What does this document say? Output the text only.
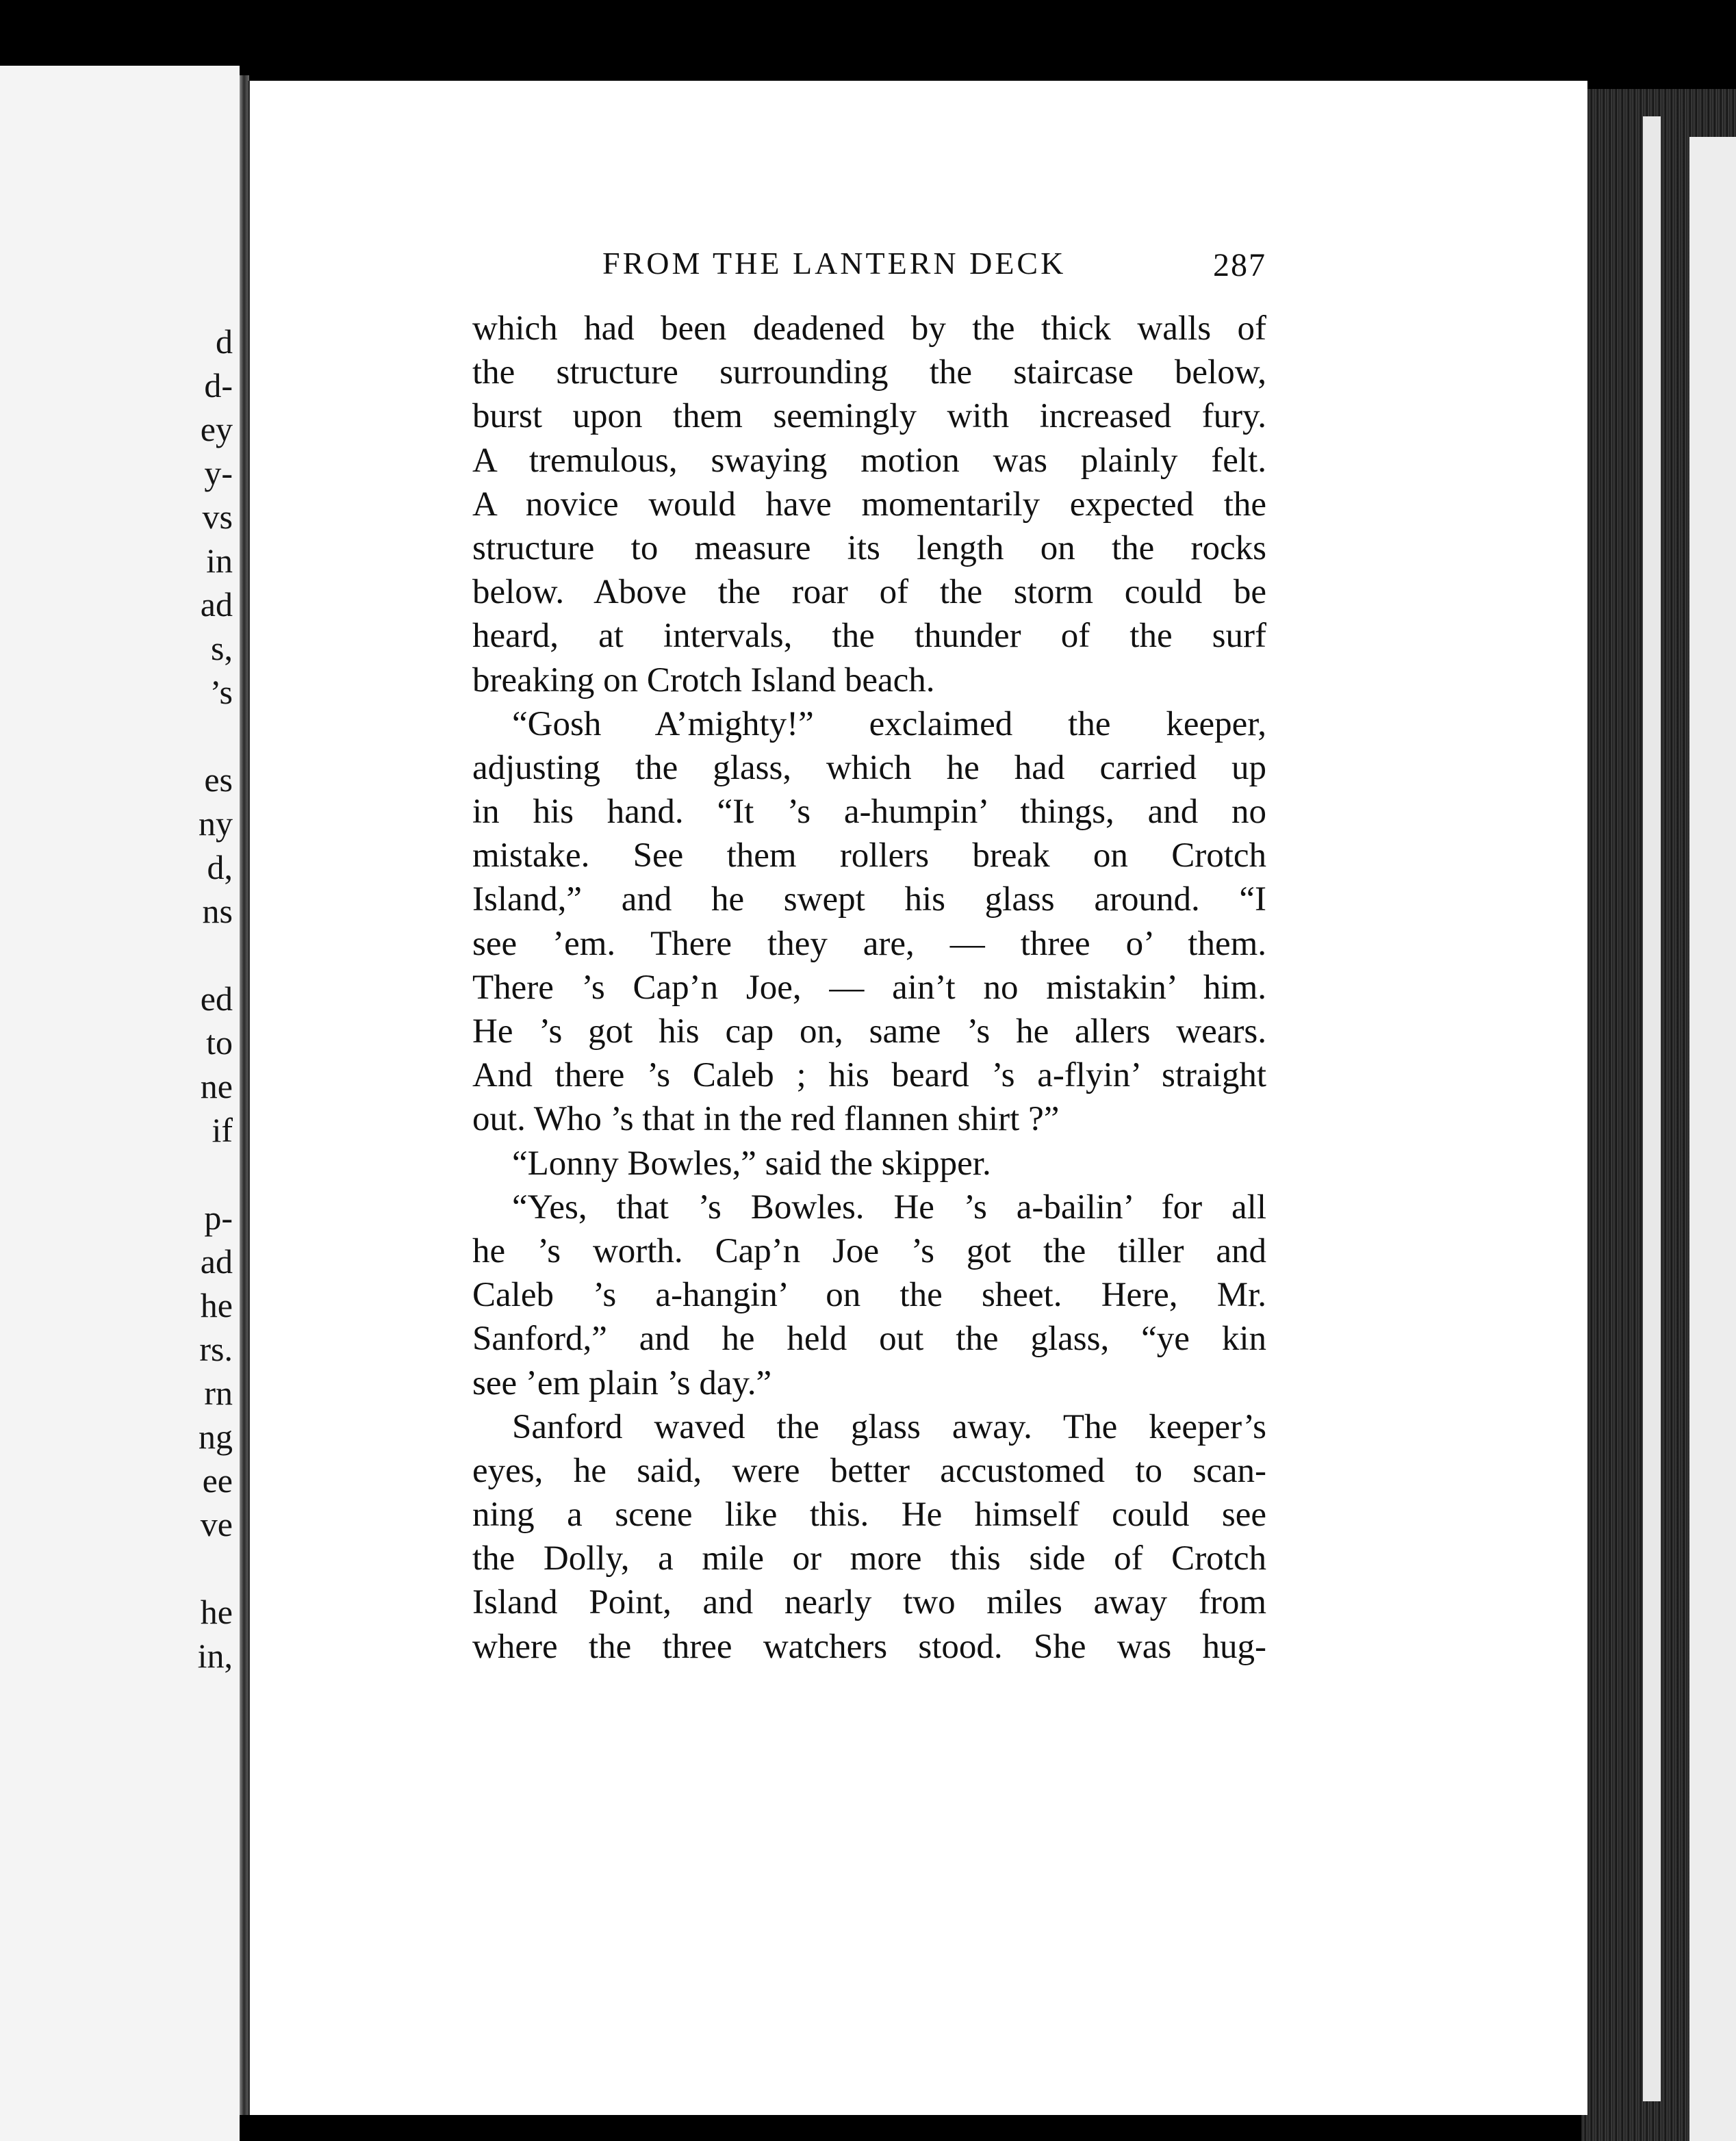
d
d-
ey
y-
vs
in
ad
s,
’s
es
ny
d,
ns
ed
to
ne
if
p-
ad
he
rs.
rn
ng
ee
ve
he
in,
FROM THE LANTERN DECK	287
which had been deadened by the thick walls of
the structure surrounding the staircase below,
burst upon them seemingly with increased fury.
A tremulous, swaying motion was plainly felt.
A novice would have momentarily expected the
structure to measure its length on the rocks
below. Above the roar of the storm could be
heard, at intervals, the thunder of the surf
breaking on Crotch Island beach.
“Gosh A’mighty!” exclaimed the keeper,
adjusting the glass, which he had carried up
in his hand. “It ’s a-humpin’ things, and no
mistake. See them rollers break on Crotch
Island,” and he swept his glass around. “I
see ’em. There they are, — three o’ them.
There ’s Cap’n Joe, — ain’t no mistakin’ him.
He ’s got his cap on, same ’s he allers wears.
And there ’s Caleb ; his beard ’s a-flyin’ straight
out. Who ’s that in the red flannen shirt ?”
“Lonny Bowles,” said the skipper.
“Yes, that ’s Bowles. He ’s a-bailin’ for all
he ’s worth. Cap’n Joe ’s got the tiller and
Caleb ’s a-hangin’ on the sheet. Here, Mr.
Sanford,” and he held out the glass, “ye kin
see ’em plain ’s day.”
Sanford waved the glass away. The keeper’s
eyes, he said, were better accustomed to scan-
ning a scene like this. He himself could see
the Dolly, a mile or more this side of Crotch
Island Point, and nearly two miles away from
where the three watchers stood. She was hug-
